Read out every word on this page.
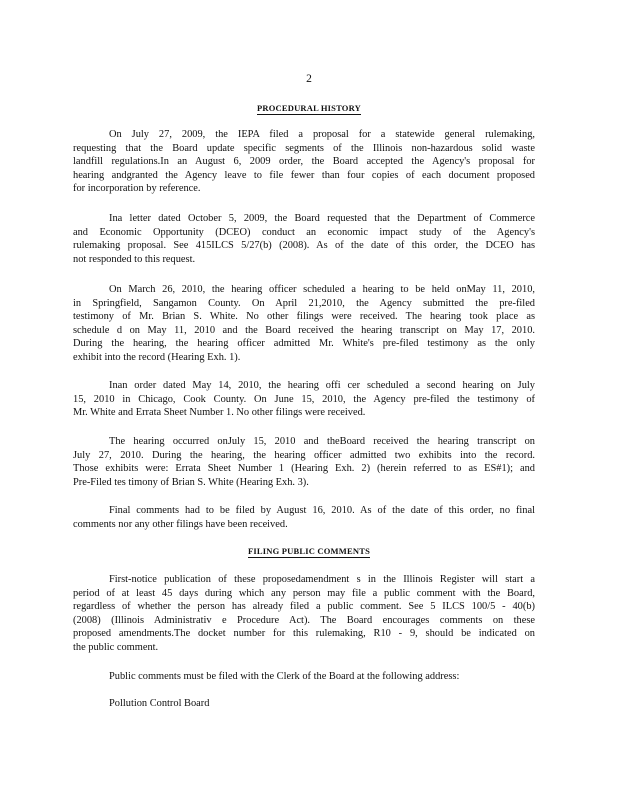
2
PROCEDURAL HISTORY
On July 27, 2009, the IEPA filed a proposal for a statewide general rulemaking,
requesting that the Board update specific segments of the Illinois non-hazardous solid waste
landfill regulations.In an August 6, 2009 order, the Board accepted the Agency's proposal for
hearing andgranted the Agency leave to file fewer than four copies of each document proposed
for incorporation by reference.
Ina letter dated October 5, 2009, the Board requested that the Department of Commerce
and Economic Opportunity (DCEO) conduct an economic impact study of the Agency's
rulemaking proposal. See 415ILCS 5/27(b) (2008). As of the date of this order, the DCEO has
not responded to this request.
On March 26, 2010, the hearing officer scheduled a hearing to be held onMay 11, 2010,
in Springfield, Sangamon County. On April 21,2010, the Agency submitted the pre-filed
testimony of Mr. Brian S. White. No other filings were received. The hearing took place as
schedule d on May 11, 2010 and the Board received the hearing transcript on May 17, 2010.
During the hearing, the hearing officer admitted Mr. White's pre-filed testimony as the only
exhibit into the record (Hearing Exh. 1).
Inan order dated May 14, 2010, the hearing offi cer scheduled a second hearing on July
15, 2010 in Chicago, Cook County. On June 15, 2010, the Agency pre-filed the testimony of
Mr. White and Errata Sheet Number 1. No other filings were received.
The hearing occurred onJuly 15, 2010 and theBoard received the hearing transcript on
July 27, 2010. During the hearing, the hearing officer admitted two exhibits into the record.
Those exhibits were: Errata Sheet Number 1 (Hearing Exh. 2) (herein referred to as ES#1); and
Pre-Filed tes timony of Brian S. White (Hearing Exh. 3).
Final comments had to be filed by August 16, 2010. As of the date of this order, no final
comments nor any other filings have been received.
FILING PUBLIC COMMENTS
First-notice publication of these proposedamendment s in the Illinois Register will start a
period of at least 45 days during which any person may file a public comment with the Board,
regardless of whether the person has already filed a public comment. See 5 ILCS 100/5 - 40(b)
(2008) (Illinois Administrativ e Procedure Act). The Board encourages comments on these
proposed amendments.The docket number for this rulemaking, R10 - 9, should be indicated on
the public comment.
Public comments must be filed with the Clerk of the Board at the following address:
Pollution Control Board
